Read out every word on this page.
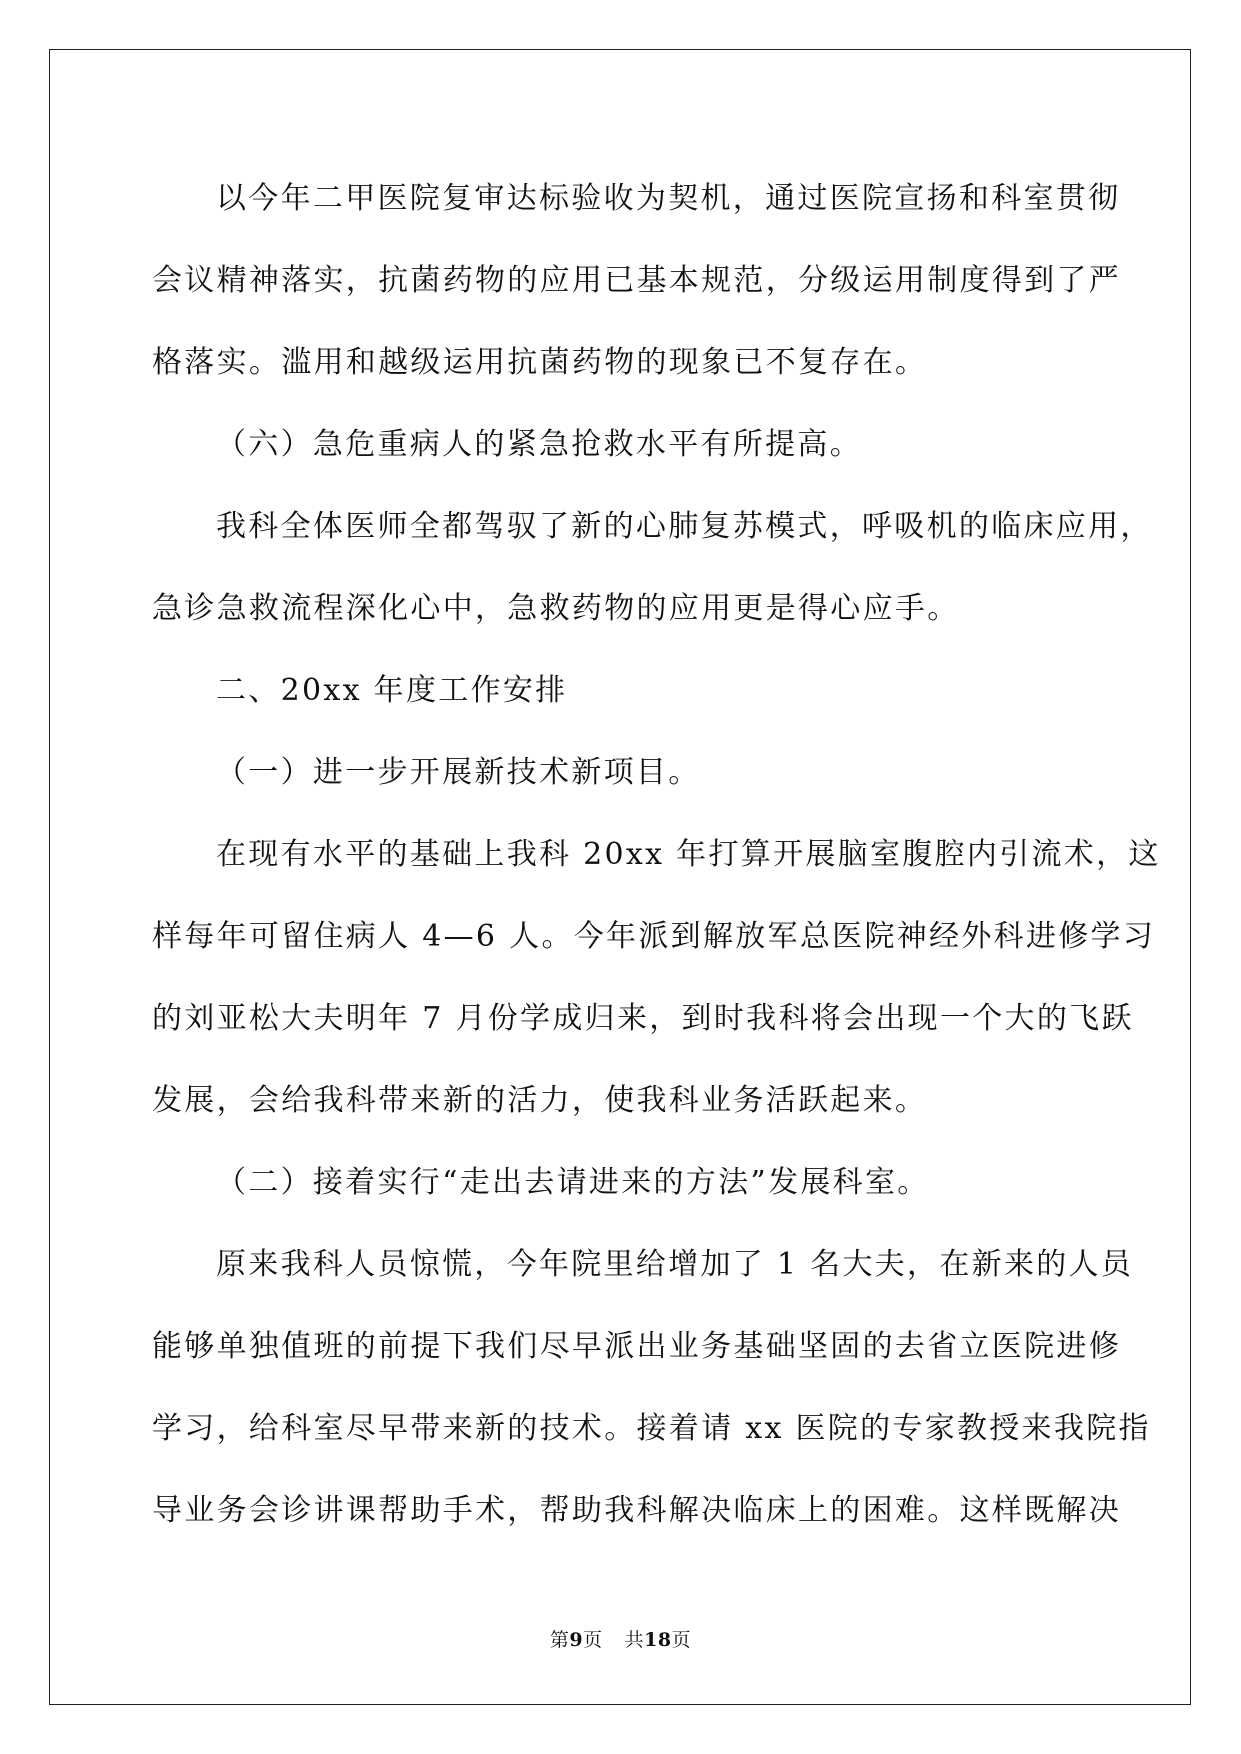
以今年二甲医院复审达标验收为契机，通过医院宣扬和科室贯彻
会议精神落实，抗菌药物的应用已基本规范，分级运用制度得到了严
格落实。滥用和越级运用抗菌药物的现象已不复存在。
（六）急危重病人的紧急抢救水平有所提高。
我科全体医师全都驾驭了新的心肺复苏模式，呼吸机的临床应用，
急诊急救流程深化心中，急救药物的应用更是得心应手。
二、20xx 年度工作安排
（一）进一步开展新技术新项目。
在现有水平的基础上我科 20xx 年打算开展脑室腹腔内引流术，这
样每年可留住病人 4—6 人。今年派到解放军总医院神经外科进修学习
的刘亚松大夫明年 7 月份学成归来，到时我科将会出现一个大的飞跃
发展，会给我科带来新的活力，使我科业务活跃起来。
（二）接着实行“走出去请进来的方法”发展科室。
原来我科人员惊慌，今年院里给增加了 1 名大夫，在新来的人员
能够单独值班的前提下我们尽早派出业务基础坚固的去省立医院进修
学习，给科室尽早带来新的技术。接着请 xx 医院的专家教授来我院指
导业务会诊讲课帮助手术，帮助我科解决临床上的困难。这样既解决
第9页 共18页
